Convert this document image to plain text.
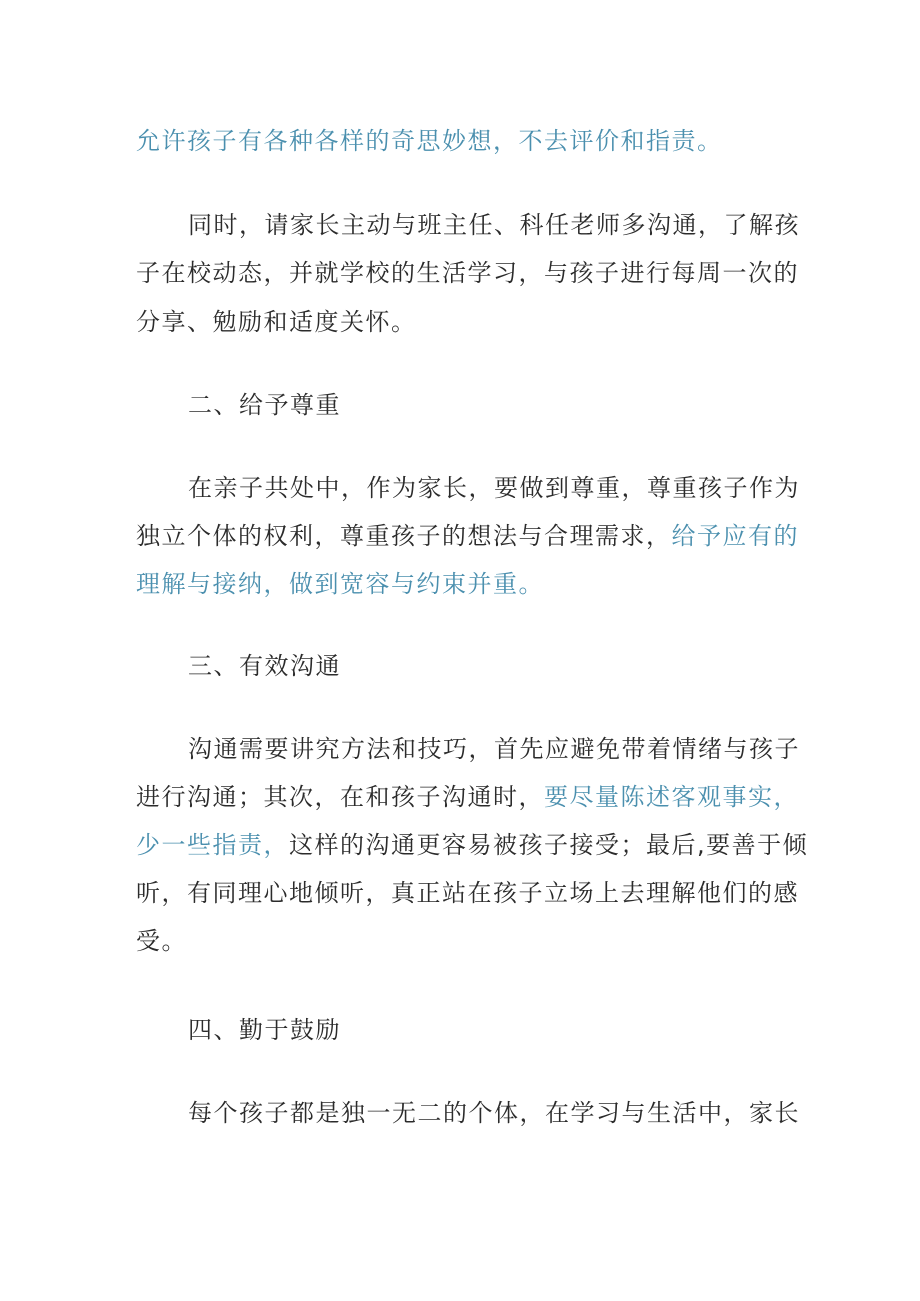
允许孩子有各种各样的奇思妙想，不去评价和指责。
同时，请家长主动与班主任、科任老师多沟通，了解孩
子在校动态，并就学校的生活学习，与孩子进行每周一次的
分享、勉励和适度关怀。
二、给予尊重
在亲子共处中，作为家长，要做到尊重，尊重孩子作为
独立个体的权利，尊重孩子的想法与合理需求，给予应有的
理解与接纳，做到宽容与约束并重。
三、有效沟通
沟通需要讲究方法和技巧，首先应避免带着情绪与孩子
进行沟通；其次，在和孩子沟通时，要尽量陈述客观事实，
少一些指责，这样的沟通更容易被孩子接受；最后,要善于倾
听，有同理心地倾听，真正站在孩子立场上去理解他们的感
受。
四、勤于鼓励
每个孩子都是独一无二的个体，在学习与生活中，家长
